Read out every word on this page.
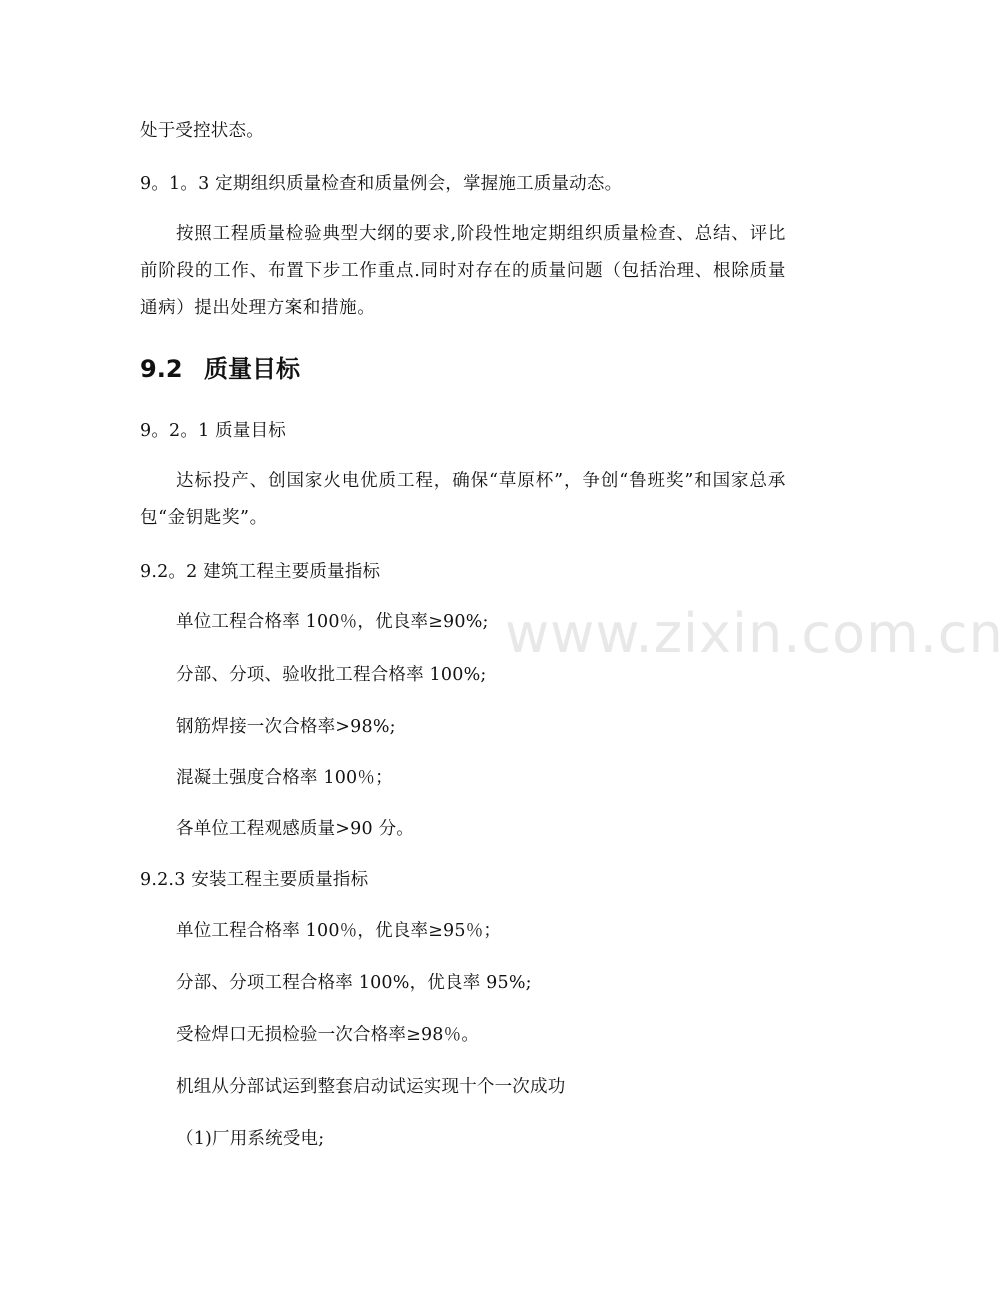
处于受控状态。
9。1。3 定期组织质量检查和质量例会，掌握施工质量动态。
按照工程质量检验典型大纲的要求,阶段性地定期组织质量检查、总结、评比前阶段的工作、布置下步工作重点.同时对存在的质量问题（包括治理、根除质量通病）提出处理方案和措施。
9.2 质量目标
9。2。1 质量目标
达标投产、创国家火电优质工程，确保“草原杯”，争创“鲁班奖”和国家总承包“金钥匙奖”。
9.2。2 建筑工程主要质量指标
单位工程合格率 100％，优良率≥90%;
分部、分项、验收批工程合格率 100%;
钢筋焊接一次合格率>98%;
混凝土强度合格率 100％；
各单位工程观感质量>90 分。
9.2.3 安装工程主要质量指标
单位工程合格率 100％，优良率≥95％；
分部、分项工程合格率 100%，优良率 95%;
受检焊口无损检验一次合格率≥98％。
机组从分部试运到整套启动试运实现十个一次成功
（1)厂用系统受电;
www.zixin.com.cn
